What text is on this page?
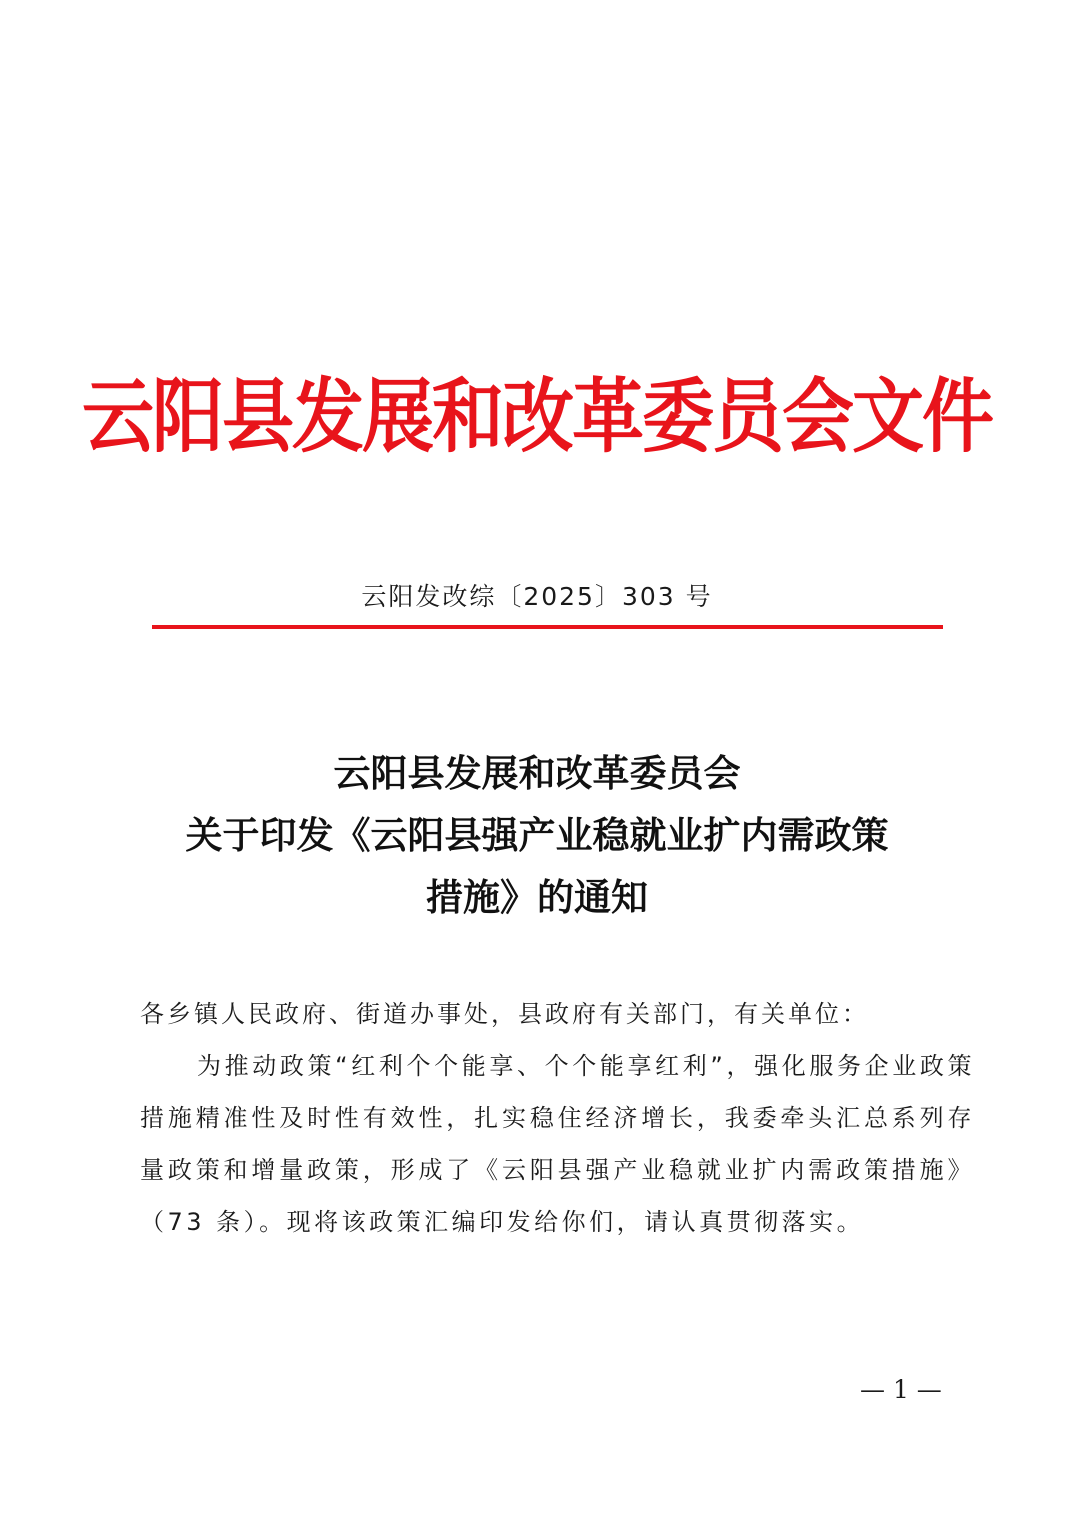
云阳县发展和改革委员会文件
云阳发改综〔2025〕303 号
云阳县发展和改革委员会
关于印发《云阳县强产业稳就业扩内需政策
措施》的通知
各乡镇人民政府、街道办事处，县政府有关部门，有关单位：
为推动政策“红利个个能享、个个能享红利”，强化服务企业政策措施精准性及时性有效性，扎实稳住经济增长，我委牵头汇总系列存量政策和增量政策，形成了《云阳县强产业稳就业扩内需政策措施》（73 条）。现将该政策汇编印发给你们，请认真贯彻落实。
— 1 —
